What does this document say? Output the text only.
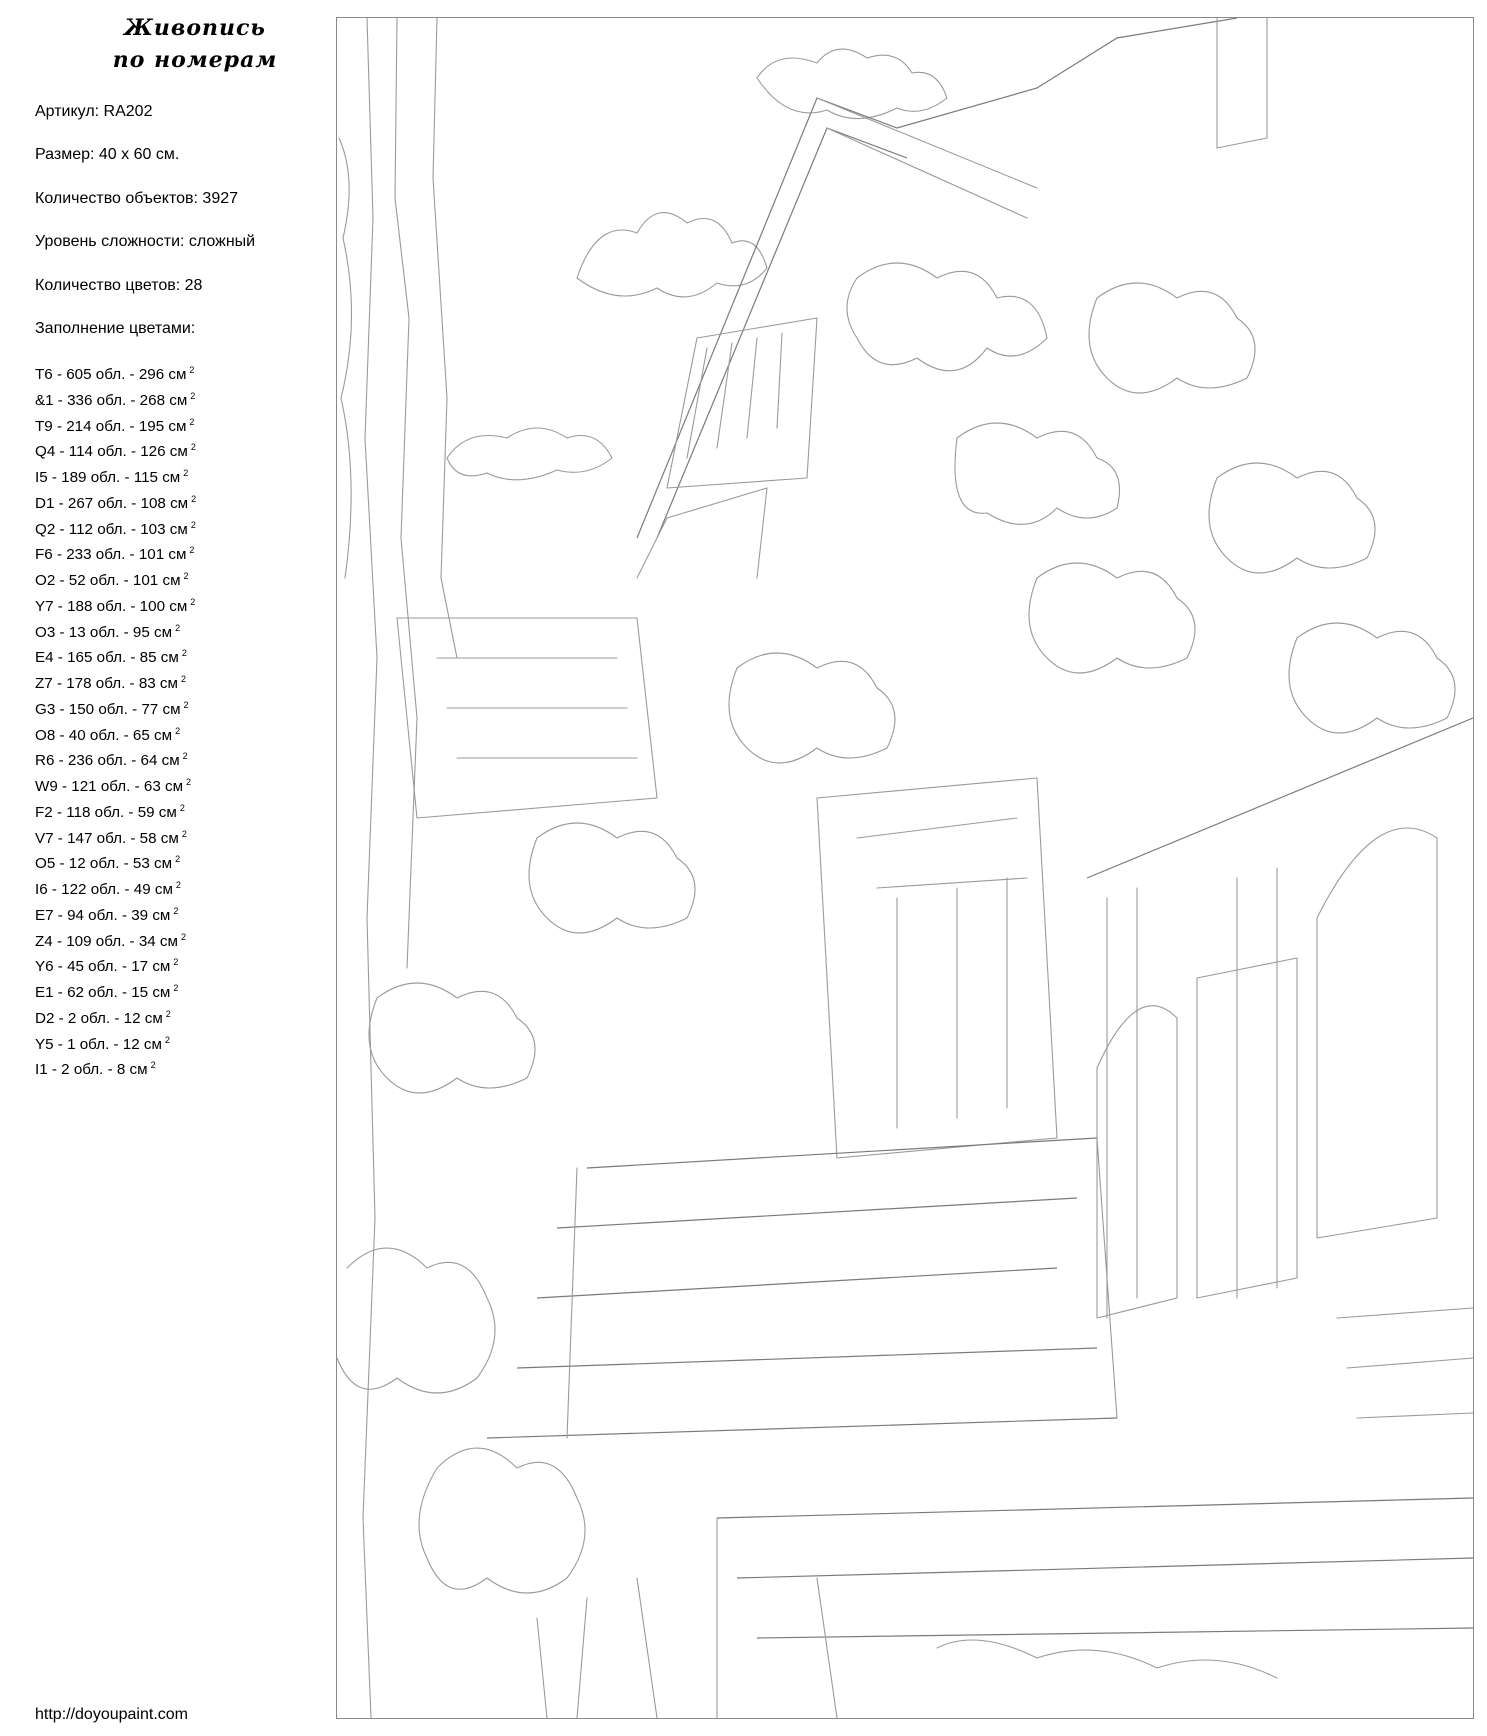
Живопись
по номерам
Артикул: RA202
Размер: 40 х 60 см.
Количество объектов: 3927
Уровень сложности: сложный
Количество цветов: 28
Заполнение цветами:
T6 - 605 обл. - 296 см $^2$
&1 - 336 обл. - 268 см $^2$
T9 - 214 обл. - 195 см $^2$
Q4 - 114 обл. - 126 см $^2$
I5 - 189 обл. - 115 см $^2$
D1 - 267 обл. - 108 см $^2$
Q2 - 112 обл. - 103 см $^2$
F6 - 233 обл. - 101 см $^2$
O2 - 52 обл. - 101 см $^2$
Y7 - 188 обл. - 100 см $^2$
O3 - 13 обл. - 95 см $^2$
E4 - 165 обл. - 85 см $^2$
Z7 - 178 обл. - 83 см $^2$
G3 - 150 обл. - 77 см $^2$
O8 - 40 обл. - 65 см $^2$
R6 - 236 обл. - 64 см $^2$
W9 - 121 обл. - 63 см $^2$
F2 - 118 обл. - 59 см $^2$
V7 - 147 обл. - 58 см $^2$
O5 - 12 обл. - 53 см $^2$
I6 - 122 обл. - 49 см $^2$
E7 - 94 обл. - 39 см $^2$
Z4 - 109 обл. - 34 см $^2$
Y6 - 45 обл. - 17 см $^2$
E1 - 62 обл. - 15 см $^2$
D2 - 2 обл. - 12 см $^2$
Y5 - 1 обл. - 12 см $^2$
I1 - 2 обл. - 8 см $^2$
http://doyoupaint.com
